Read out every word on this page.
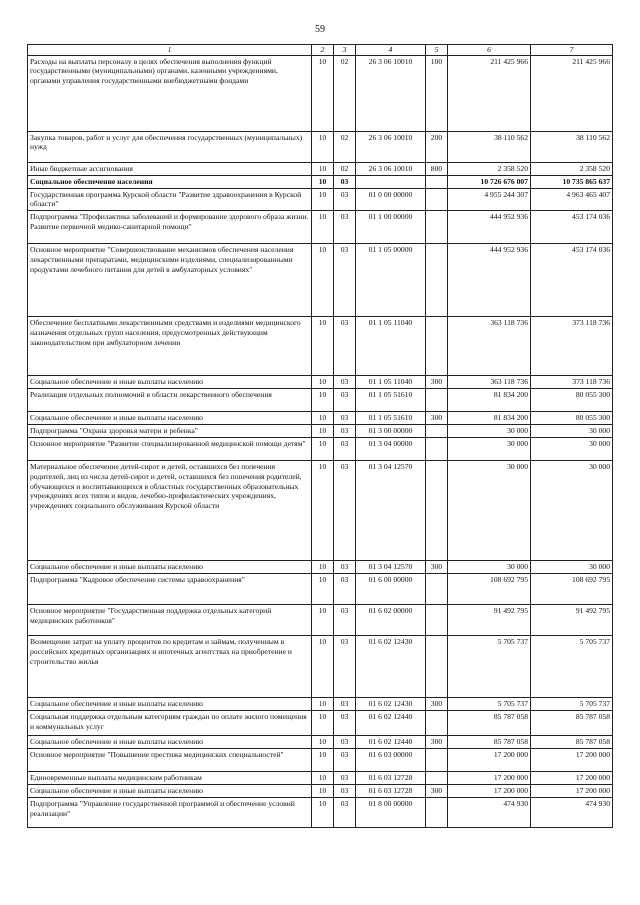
59
1	2	3	4	5	6	7
Расходы на выплаты персоналу в целях обеспечения выполнения функций государственными (муниципальными) органами, казенными учреждениями, органами управления государственными внебюджетными фондами	10	02	26 3 06 10010	100	211 425 966	211 425 966
Закупка товаров, работ и услуг для обеспечения государственных (муниципальных) нужд	10	02	26 3 06 10010	200	38 110 562	38 110 562
Иные бюджетные ассигнования	10	02	26 3 06 10010	800	2 358 520	2 358 520
Социальное обеспечение населения	10	03			10 726 676 007	10 735 865 637
Государственная программа Курской области "Развитие здравоохранения в Курской области"	10	03	01 0 00 00000		4 955 244 307	4 963 465 407
Подпрограмма "Профилактика заболеваний и формирование здорового образа жизни. Развитие первичной медико-санитарной помощи"	10	03	01 1 00 00000		444 952 936	453 174 036
Основное мероприятие "Совершенствование механизмов обеспечения населения лекарственными препаратами, медицинскими изделиями, специализированными продуктами лечебного питания для детей в амбулаторных условиях"	10	03	01 1 05 00000		444 952 936	453 174 036
Обеспечение бесплатными лекарственными средствами и изделиями медицинского назначения отдельных групп населения, предусмотренных действующим законодательством при амбулаторном лечении	10	03	01 1 05 11040		363 118 736	373 118 736
Социальное обеспечение и иные выплаты населению	10	03	01 1 05 11040	300	363 118 736	373 118 736
Реализация отдельных полномочий в области лекарственного обеспечения	10	03	01 1 05 51610		81 834 200	80 055 300
Социальное обеспечение и иные выплаты населению	10	03	01 1 05 51610	300	81 834 200	80 055 300
Подпрограмма "Охрана здоровья матери и ребенка"	10	03	01 3 00 00000		30 000	30 000
Основное мероприятие "Развитие специализированной медицинской помощи детям"	10	03	01 3 04 00000		30 000	30 000
Материальное обеспечение детей-сирот и детей, оставшихся без попечения родителей, лиц из числа детей-сирот и детей, оставшихся без попечения родителей, обучающихся и воспитывающихся в областных государственных образовательных учреждениях всех типов и видов, лечебно-профилактических учреждениях, учреждениях социального обслуживания Курской области	10	03	01 3 04 12570		30 000	30 000
Социальное обеспечение и иные выплаты населению	10	03	01 3 04 12570	300	30 000	30 000
Подпрограмма "Кадровое обеспечение системы здравоохранения"	10	03	01 6 00 00000		108 692 795	108 692 795
Основное мероприятие "Государственная поддержка отдельных категорий медицинских работников"	10	03	01 6 02 00000		91 492 795	91 492 795
Возмещение затрат на уплату процентов по кредитам и займам, полученным в российских кредитных организациях и ипотечных агентствах на приобретение и строительство жилья	10	03	01 6 02 12430		5 705 737	5 705 737
Социальное обеспечение и иные выплаты населению	10	03	01 6 02 12430	300	5 705 737	5 705 737
Социальная поддержка отдельным категориям граждан по оплате жилого помещения и коммунальных услуг	10	03	01 6 02 12440		85 787 058	85 787 058
Социальное обеспечение и иные выплаты населению	10	03	01 6 02 12440	300	85 787 058	85 787 058
Основное мероприятие "Повышение престижа медицинских специальностей"	10	03	01 6 03 00000		17 200 000	17 200 000
Единовременные выплаты медицинским работникам	10	03	01 6 03 12728		17 200 000	17 200 000
Социальное обеспечение и иные выплаты населению	10	03	01 6 03 12728	300	17 200 000	17 200 000
Подпрограмма "Управление государственной программой и обеспечение условий реализации"	10	03	01 8 00 00000		474 930	474 930
